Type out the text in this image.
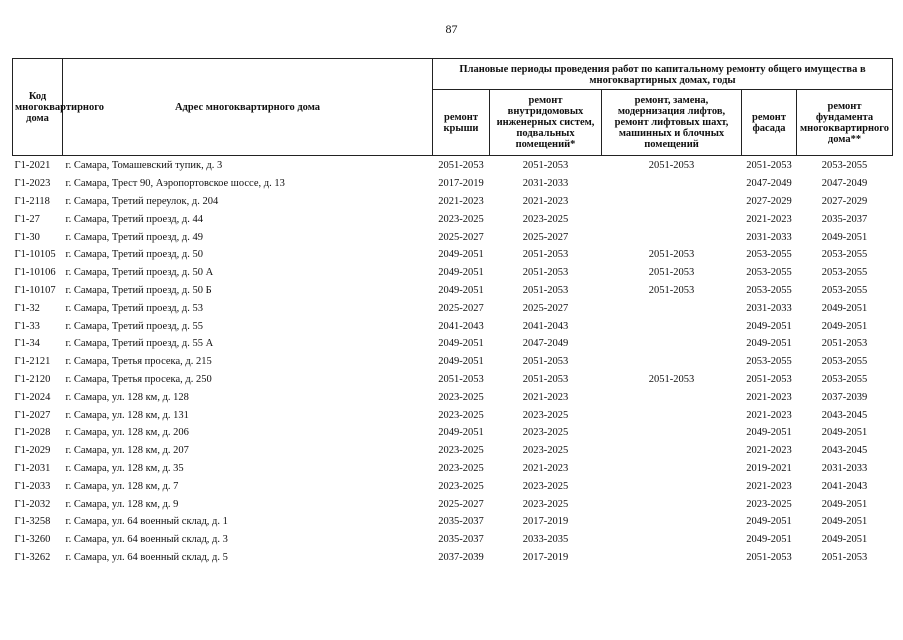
87
Код многоквартирного дома	Адрес многоквартирного дома	Плановые периоды проведения работ по капитальному ремонту общего имущества в многоквартирных домах, годы				
		ремонт крыши	ремонт внутридомовых инженерных систем, подвальных помещений*	ремонт, замена, модернизация лифтов, ремонт лифтовых шахт, машинных и блочных помещений	ремонт фасада	ремонт фундамента многоквартирного дома**
Г1-2021	г. Самара, Томашевский тупик, д. 3	2051-2053	2051-2053	2051-2053	2051-2053	2053-2055
Г1-2023	г. Самара, Трест 90, Аэропортовское шоссе, д. 13	2017-2019	2031-2033		2047-2049	2047-2049
Г1-2118	г. Самара, Третий переулок, д. 204	2021-2023	2021-2023		2027-2029	2027-2029
Г1-27	г. Самара, Третий проезд, д. 44	2023-2025	2023-2025		2021-2023	2035-2037
Г1-30	г. Самара, Третий проезд, д. 49	2025-2027	2025-2027		2031-2033	2049-2051
Г1-10105	г. Самара, Третий проезд, д. 50	2049-2051	2051-2053	2051-2053	2053-2055	2053-2055
Г1-10106	г. Самара, Третий проезд, д. 50 А	2049-2051	2051-2053	2051-2053	2053-2055	2053-2055
Г1-10107	г. Самара, Третий проезд, д. 50 Б	2049-2051	2051-2053	2051-2053	2053-2055	2053-2055
Г1-32	г. Самара, Третий проезд, д. 53	2025-2027	2025-2027		2031-2033	2049-2051
Г1-33	г. Самара, Третий проезд, д. 55	2041-2043	2041-2043		2049-2051	2049-2051
Г1-34	г. Самара, Третий проезд, д. 55 А	2049-2051	2047-2049		2049-2051	2051-2053
Г1-2121	г. Самара, Третья просека, д. 215	2049-2051	2051-2053		2053-2055	2053-2055
Г1-2120	г. Самара, Третья просека, д. 250	2051-2053	2051-2053	2051-2053	2051-2053	2053-2055
Г1-2024	г. Самара, ул. 128 км, д. 128	2023-2025	2021-2023		2021-2023	2037-2039
Г1-2027	г. Самара, ул. 128 км, д. 131	2023-2025	2023-2025		2021-2023	2043-2045
Г1-2028	г. Самара, ул. 128 км, д. 206	2049-2051	2023-2025		2049-2051	2049-2051
Г1-2029	г. Самара, ул. 128 км, д. 207	2023-2025	2023-2025		2021-2023	2043-2045
Г1-2031	г. Самара, ул. 128 км, д. 35	2023-2025	2021-2023		2019-2021	2031-2033
Г1-2033	г. Самара, ул. 128 км, д. 7	2023-2025	2023-2025		2021-2023	2041-2043
Г1-2032	г. Самара, ул. 128 км, д. 9	2025-2027	2023-2025		2023-2025	2049-2051
Г1-3258	г. Самара, ул. 64 военный склад, д. 1	2035-2037	2017-2019		2049-2051	2049-2051
Г1-3260	г. Самара, ул. 64 военный склад, д. 3	2035-2037	2033-2035		2049-2051	2049-2051
Г1-3262	г. Самара, ул. 64 военный склад, д. 5	2037-2039	2017-2019		2051-2053	2051-2053
